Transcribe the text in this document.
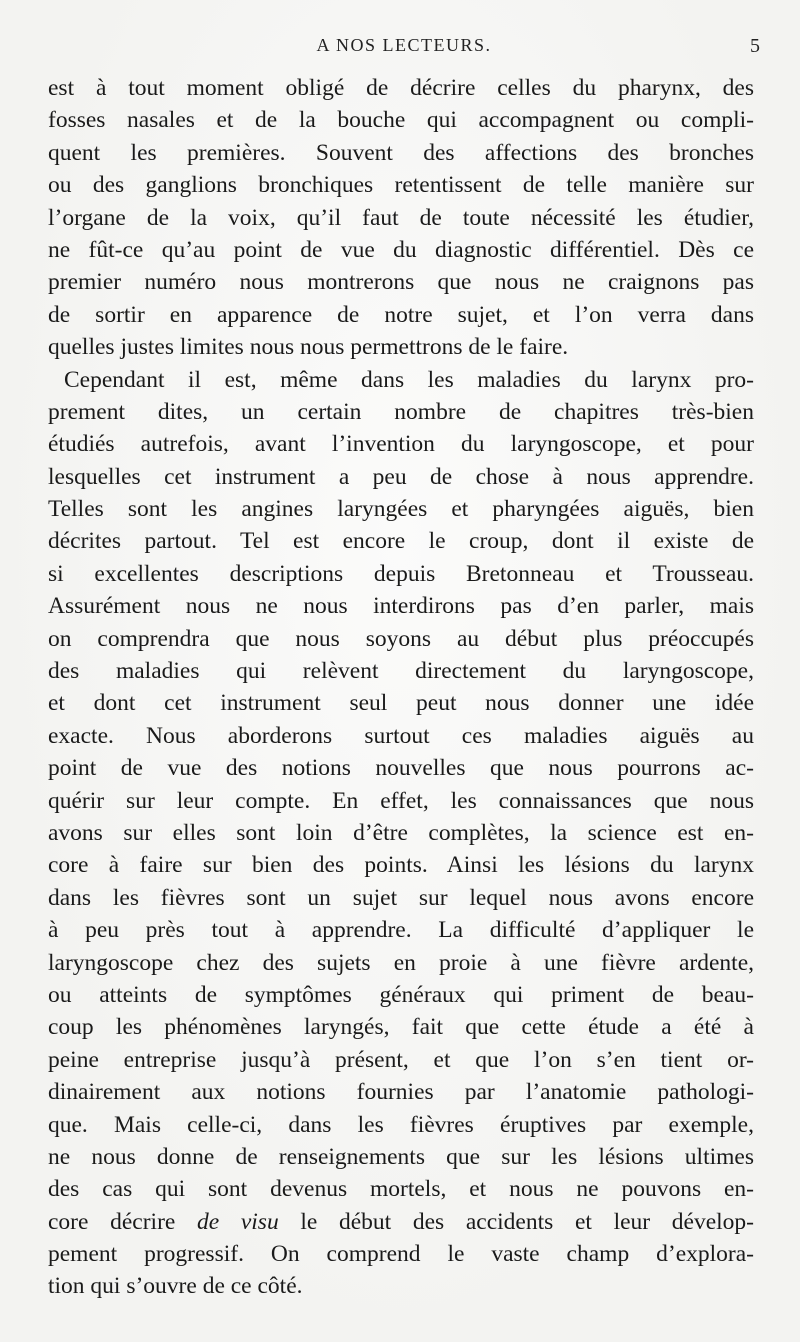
A NOS LECTEURS.	5
est à tout moment obligé de décrire celles du pharynx, des
fosses nasales et de la bouche qui accompagnent ou compli-
quent les premières. Souvent des affections des bronches
ou des ganglions bronchiques retentissent de telle manière sur
l’organe de la voix, qu’il faut de toute nécessité les étudier,
ne fût-ce qu’au point de vue du diagnostic différentiel. Dès ce
premier numéro nous montrerons que nous ne craignons pas
de sortir en apparence de notre sujet, et l’on verra dans
quelles justes limites nous nous permettrons de le faire.
Cependant il est, même dans les maladies du larynx pro-
prement dites, un certain nombre de chapitres très-bien
étudiés autrefois, avant l’invention du laryngoscope, et pour
lesquelles cet instrument a peu de chose à nous apprendre.
Telles sont les angines laryngées et pharyngées aiguës, bien
décrites partout. Tel est encore le croup, dont il existe de
si excellentes descriptions depuis Bretonneau et Trousseau.
Assurément nous ne nous interdirons pas d’en parler, mais
on comprendra que nous soyons au début plus préoccupés
des maladies qui relèvent directement du laryngoscope,
et dont cet instrument seul peut nous donner une idée
exacte. Nous aborderons surtout ces maladies aiguës au
point de vue des notions nouvelles que nous pourrons ac-
quérir sur leur compte. En effet, les connaissances que nous
avons sur elles sont loin d’être complètes, la science est en-
core à faire sur bien des points. Ainsi les lésions du larynx
dans les fièvres sont un sujet sur lequel nous avons encore
à peu près tout à apprendre. La difficulté d’appliquer le
laryngoscope chez des sujets en proie à une fièvre ardente,
ou atteints de symptômes généraux qui priment de beau-
coup les phénomènes laryngés, fait que cette étude a été à
peine entreprise jusqu’à présent, et que l’on s’en tient or-
dinairement aux notions fournies par l’anatomie pathologi-
que. Mais celle-ci, dans les fièvres éruptives par exemple,
ne nous donne de renseignements que sur les lésions ultimes
des cas qui sont devenus mortels, et nous ne pouvons en-
core décrire de visu le début des accidents et leur dévelop-
pement progressif. On comprend le vaste champ d’explora-
tion qui s’ouvre de ce côté.
